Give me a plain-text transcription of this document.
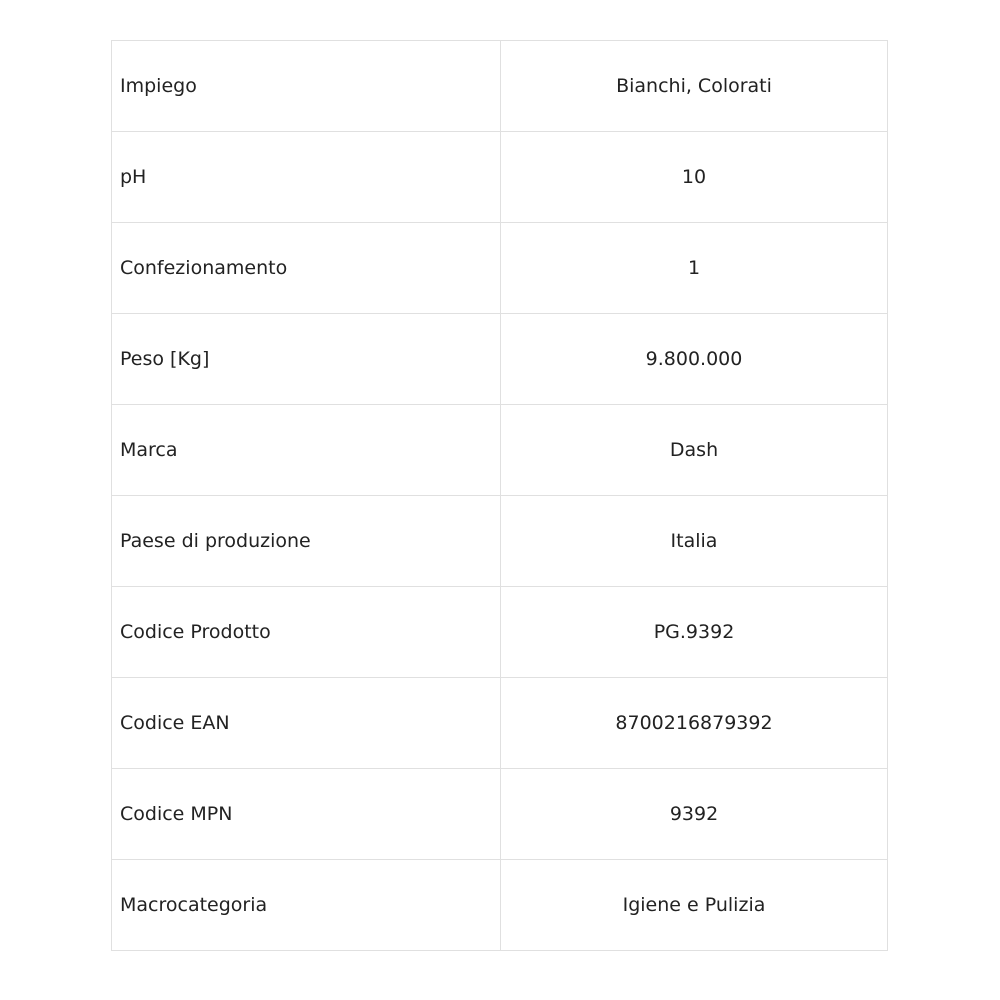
Impiego	Bianchi, Colorati
pH	10
Confezionamento	1
Peso [Kg]	9.800.000
Marca	Dash
Paese di produzione	Italia
Codice Prodotto	PG.9392
Codice EAN	8700216879392
Codice MPN	9392
Macrocategoria	Igiene e Pulizia
